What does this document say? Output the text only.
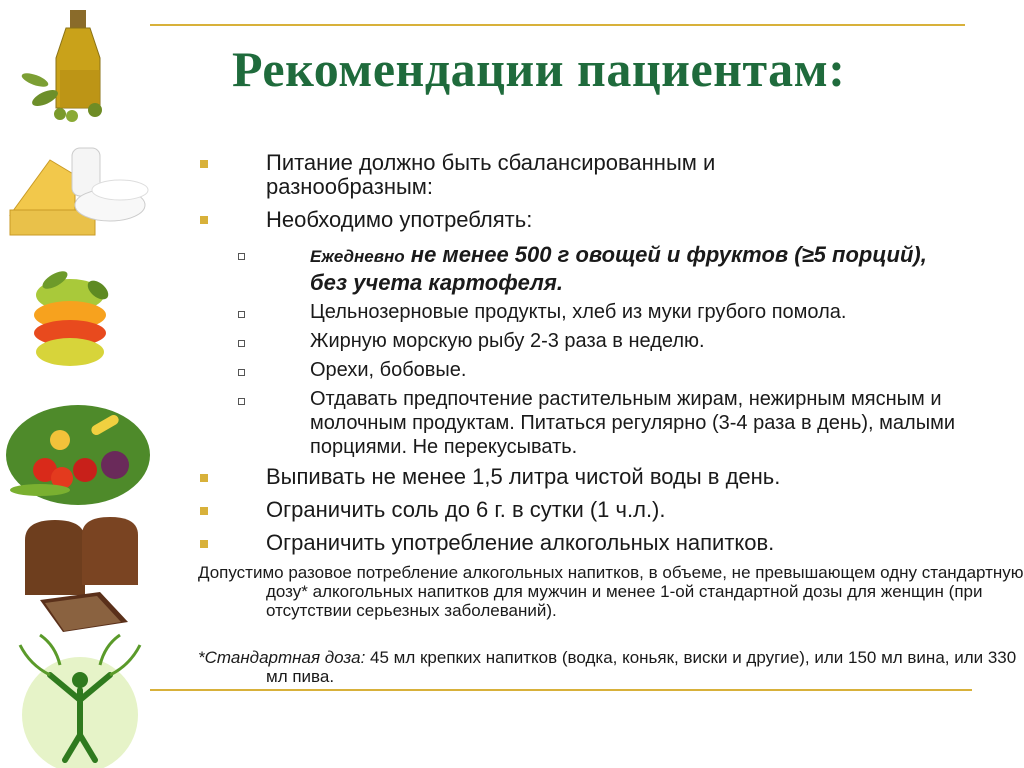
Рекомендации пациентам:
Питание должно быть сбалансированным и разнообразным:
Необходимо употреблять:
Ежедневно не менее 500 г овощей и фруктов (≥5 порций), без учета картофеля.
Цельнозерновые продукты, хлеб из муки грубого помола.
Жирную морскую рыбу 2-3 раза в неделю.
Орехи, бобовые.
Отдавать предпочтение растительным жирам, нежирным мясным и молочным продуктам. Питаться регулярно (3-4 раза в день), малыми порциями. Не перекусывать.
Выпивать не менее 1,5 литра чистой воды в день.
Ограничить соль до 6 г. в сутки (1 ч.л.).
Ограничить употребление алкогольных напитков.
Допустимо разовое потребление алкогольных напитков, в объеме, не превышающем одну стандартную дозу* алкогольных напитков для мужчин и менее 1-ой стандартной дозы для женщин (при отсутствии серьезных заболеваний).
*Стандартная доза: 45 мл крепких напитков (водка, коньяк, виски и другие), или 150 мл вина, или 330 мл пива.
